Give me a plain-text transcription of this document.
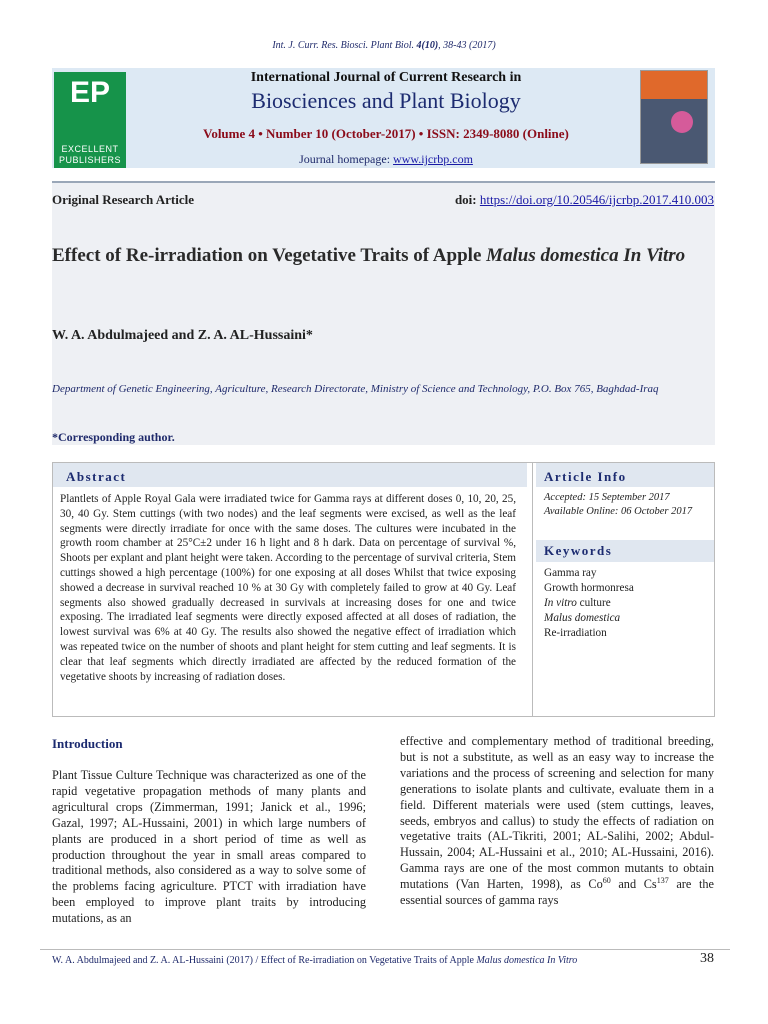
Int. J. Curr. Res. Biosci. Plant Biol. 4(10), 38-43 (2017)
EP
EXCELLENT
PUBLISHERS
International Journal of Current Research in
Biosciences and Plant Biology
Volume 4 • Number 10 (October-2017) • ISSN: 2349-8080 (Online)
Journal homepage: www.ijcrbp.com
Original Research Article	doi: https://doi.org/10.20546/ijcrbp.2017.410.003
Effect of Re-irradiation on Vegetative Traits of Apple Malus domestica In Vitro
W. A. Abdulmajeed and Z. A. AL-Hussaini*
Department of Genetic Engineering, Agriculture, Research Directorate, Ministry of Science and Technology, P.O. Box 765, Baghdad-Iraq
*Corresponding author.
Abstract	Article Info
Plantlets of Apple Royal Gala were irradiated twice for Gamma rays at different doses 0, 10, 20, 25, 30, 40 Gy. Stem cuttings (with two nodes) and the leaf segments were excised, as well as the leaf segments were directly irradiate for once with the same doses. The cultures were incubated in the growth room chamber at 25°C±2 under 16 h light and 8 h dark. Data on percentage of survival %, Shoots per explant and plant height were taken. According to the percentage of survival criteria, Stem cuttings showed a high percentage (100%) for one exposing at all doses Whilst that twice exposing showed a decrease in survival reached 10 % at 30 Gy with completely failed to grow at 40 Gy. Leaf segments also showed gradually decreased in survivals at increasing doses for one and twice exposing. The irradiated leaf segments were directly exposed affected at all doses of radiation, the lowest survival was 6% at 40 Gy. The results also showed the negative effect of irradiation which was repeated twice on the number of shoots and plant height for stem cutting and leaf segments. It is clear that leaf segments which directly irradiated are affected by the reduced formation of the vegetative shoots by increasing of radiation doses.
Accepted: 15 September 2017
Available Online: 06 October 2017
Keywords
Gamma ray
Growth hormonresa
In vitro culture
Malus domestica
Re-irradiation
Introduction
Plant Tissue Culture Technique was characterized as one of the rapid vegetative propagation methods of many plants and agricultural crops (Zimmerman, 1991; Janick et al., 1996; Gazal, 1997; AL-Hussaini, 2001) in which large numbers of plants are produced in a short period of time as well as production throughout the year in small areas compared to traditional methods, also considered as a way to solve some of the problems facing agriculture. PTCT with irradiation have been employed to improve plant traits by introducing mutations, as an
effective and complementary method of traditional breeding, but is not a substitute, as well as an easy way to increase the variations and the process of screening and selection for many generations to isolate plants and cultivate, evaluate them in a field. Different materials were used (stem cuttings, leaves, seeds, embryos and callus) to study the effects of radiation on vegetative traits (AL-Tikriti, 2001; AL-Salihi, 2002; Abdul-Hussain, 2004; AL-Hussaini et al., 2010; AL-Hussaini, 2016). Gamma rays are one of the most common mutants to obtain mutations (Van Harten, 1998), as Co$^{60}$ and Cs$^{137}$ are the essential sources of gamma rays
W. A. Abdulmajeed and Z. A. AL-Hussaini (2017) / Effect of Re-irradiation on Vegetative Traits of Apple Malus domestica In Vitro	38
